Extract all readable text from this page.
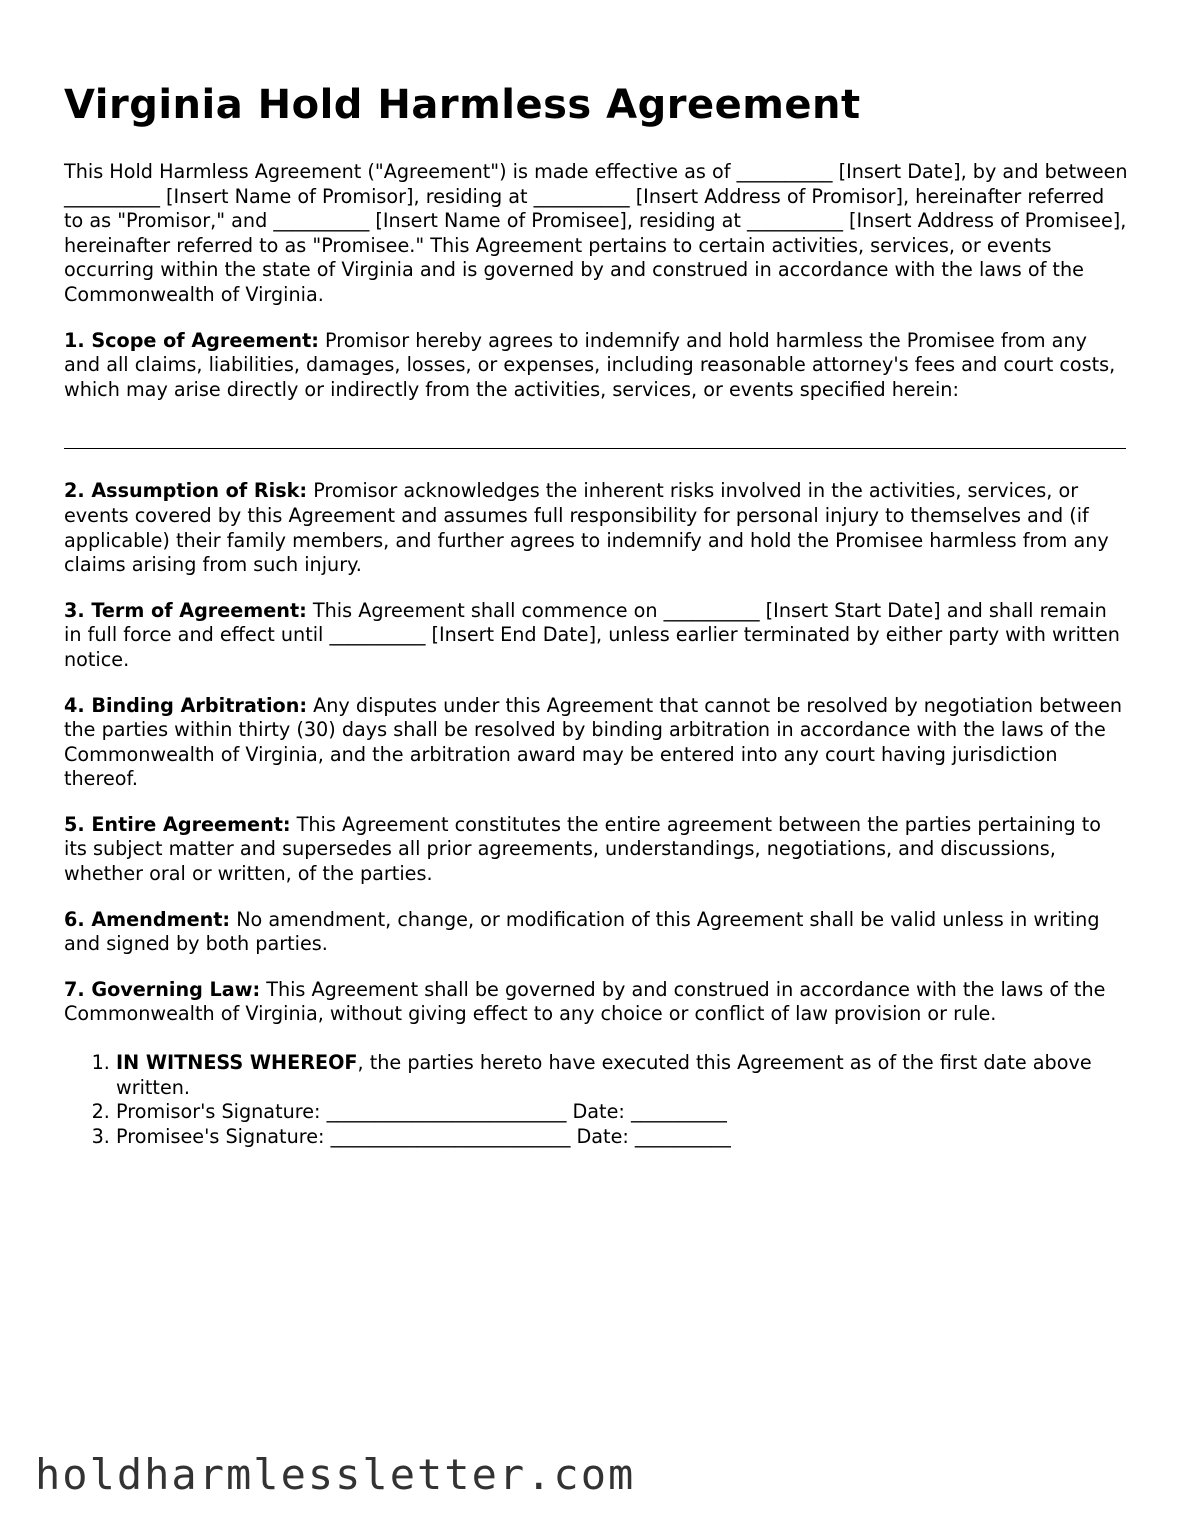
Virginia Hold Harmless Agreement

This Hold Harmless Agreement ("Agreement") is made effective as of __________ [Insert Date], by and between __________ [Insert Name of Promisor], residing at __________ [Insert Address of Promisor], hereinafter referred to as "Promisor," and __________ [Insert Name of Promisee], residing at __________ [Insert Address of Promisee], hereinafter referred to as "Promisee." This Agreement pertains to certain activities, services, or events occurring within the state of Virginia and is governed by and construed in accordance with the laws of the Commonwealth of Virginia.

1. Scope of Agreement: Promisor hereby agrees to indemnify and hold harmless the Promisee from any and all claims, liabilities, damages, losses, or expenses, including reasonable attorney's fees and court costs, which may arise directly or indirectly from the activities, services, or events specified herein:

2. Assumption of Risk: Promisor acknowledges the inherent risks involved in the activities, services, or events covered by this Agreement and assumes full responsibility for personal injury to themselves and (if applicable) their family members, and further agrees to indemnify and hold the Promisee harmless from any claims arising from such injury.

3. Term of Agreement: This Agreement shall commence on __________ [Insert Start Date] and shall remain in full force and effect until __________ [Insert End Date], unless earlier terminated by either party with written notice.

4. Binding Arbitration: Any disputes under this Agreement that cannot be resolved by negotiation between the parties within thirty (30) days shall be resolved by binding arbitration in accordance with the laws of the Commonwealth of Virginia, and the arbitration award may be entered into any court having jurisdiction thereof.

5. Entire Agreement: This Agreement constitutes the entire agreement between the parties pertaining to its subject matter and supersedes all prior agreements, understandings, negotiations, and discussions, whether oral or written, of the parties.

6. Amendment: No amendment, change, or modification of this Agreement shall be valid unless in writing and signed by both parties.

7. Governing Law: This Agreement shall be governed by and construed in accordance with the laws of the Commonwealth of Virginia, without giving effect to any choice or conflict of law provision or rule.

1. IN WITNESS WHEREOF, the parties hereto have executed this Agreement as of the first date above written.
2. Promisor's Signature: _________________________ Date: __________
3. Promisee's Signature: _________________________ Date: __________
holdharmlessletter.com
